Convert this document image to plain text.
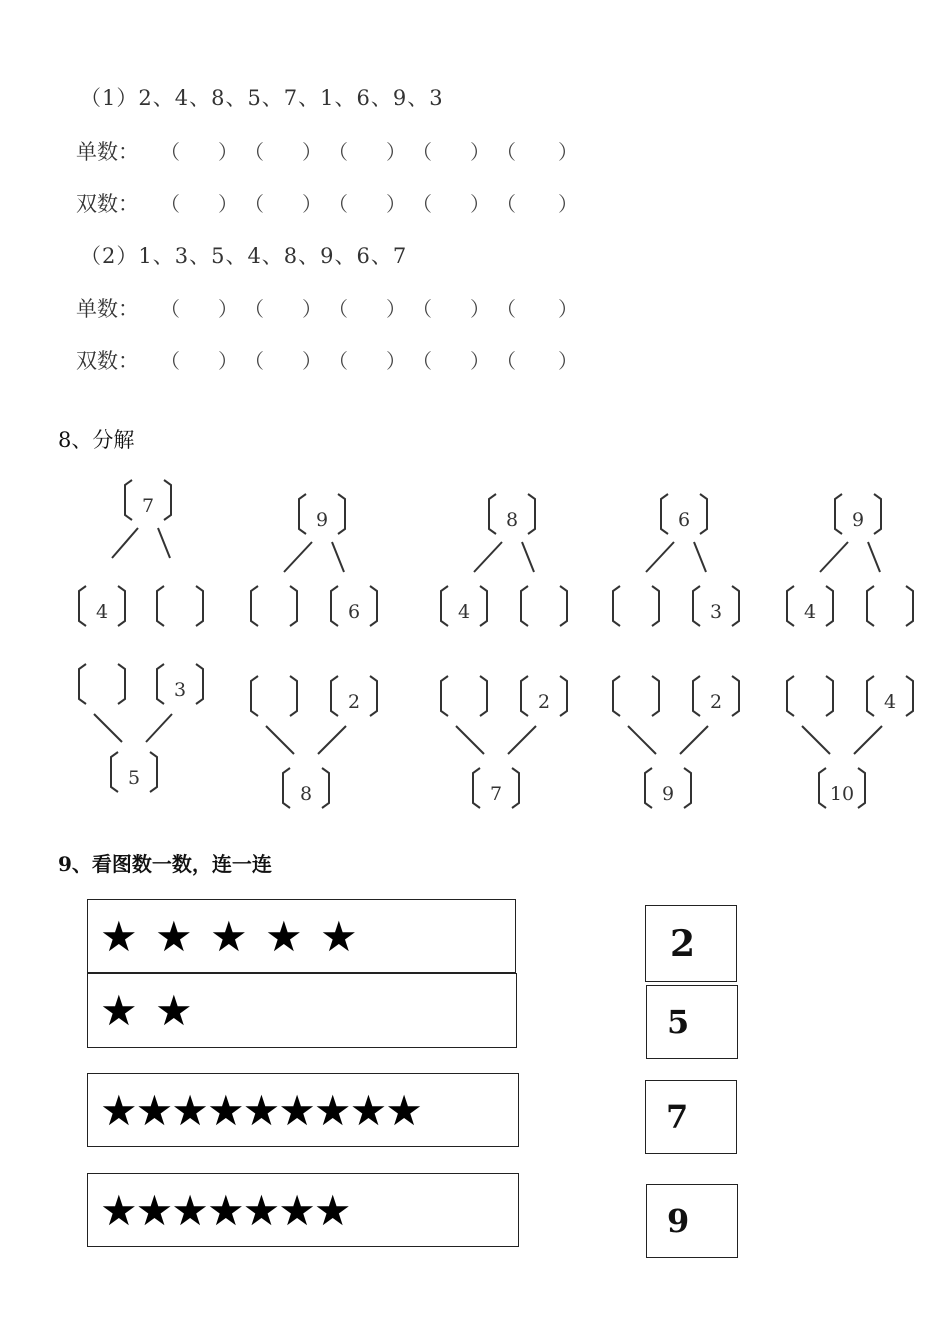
（1）2、4、8、5、7、1、6、9、3
单数：
双数：
（2）1、3、5、4、8、9、6、7
单数：
双数：
8、分解
7
4
9
6
8
4
6
3
9
4
3
5
2
8
2
7
2
9
4
10
9、看图数一数，连一连
★ ★ ★ ★ ★
★ ★
★★★★★★★★★
★★★★★★★
2
5
7
9
（ ） （ ） （ ） （ ） （ ）
（ ） （ ） （ ） （ ） （ ）
（ ） （ ） （ ） （ ） （ ）
（ ） （ ） （ ） （ ） （ ）
